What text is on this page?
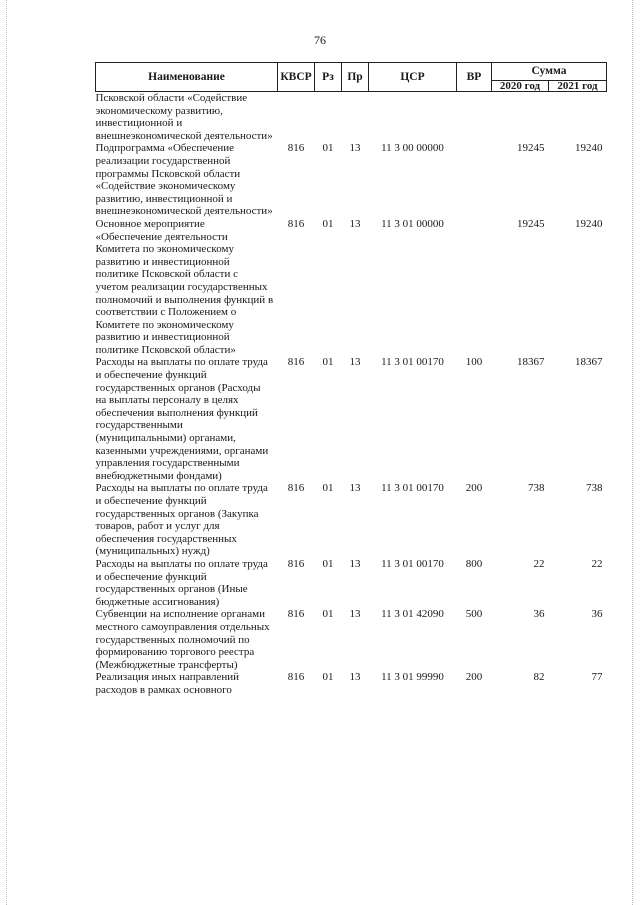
76
Наименование	КВСР	Рз	Пр	ЦСР	ВР	Сумма	
						2020 год	2021 год
Псковской области «Содействие экономическому развитию, инвестиционной и внешнеэкономической деятельности»							
Подпрограмма «Обеспечение реализации государственной программы Псковской области «Содействие экономическому развитию, инвестиционной и внешнеэкономической деятельности»	816	01	13	11 3 00 00000		19245	19240
Основное мероприятие «Обеспечение деятельности Комитета по экономическому развитию и инвестиционной политике Псковской области с учетом реализации государственных полномочий и выполнения функций в соответствии с Положением о Комитете по экономическому развитию и инвестиционной политике Псковской области»	816	01	13	11 3 01 00000		19245	19240
Расходы на выплаты по оплате труда и обеспечение функций государственных органов (Расходы на выплаты персоналу в целях обеспечения выполнения функций государственными (муниципальными) органами, казенными учреждениями, органами управления государственными внебюджетными фондами)	816	01	13	11 3 01 00170	100	18367	18367
Расходы на выплаты по оплате труда и обеспечение функций государственных органов (Закупка товаров, работ и услуг для обеспечения государственных (муниципальных) нужд)	816	01	13	11 3 01 00170	200	738	738
Расходы на выплаты по оплате труда и обеспечение функций государственных органов (Иные бюджетные ассигнования)	816	01	13	11 3 01 00170	800	22	22
Субвенции на исполнение органами местного самоуправления отдельных государственных полномочий по формированию торгового реестра (Межбюджетные трансферты)	816	01	13	11 3 01 42090	500	36	36
Реализация иных направлений расходов в рамках основного	816	01	13	11 3 01 99990	200	82	77
